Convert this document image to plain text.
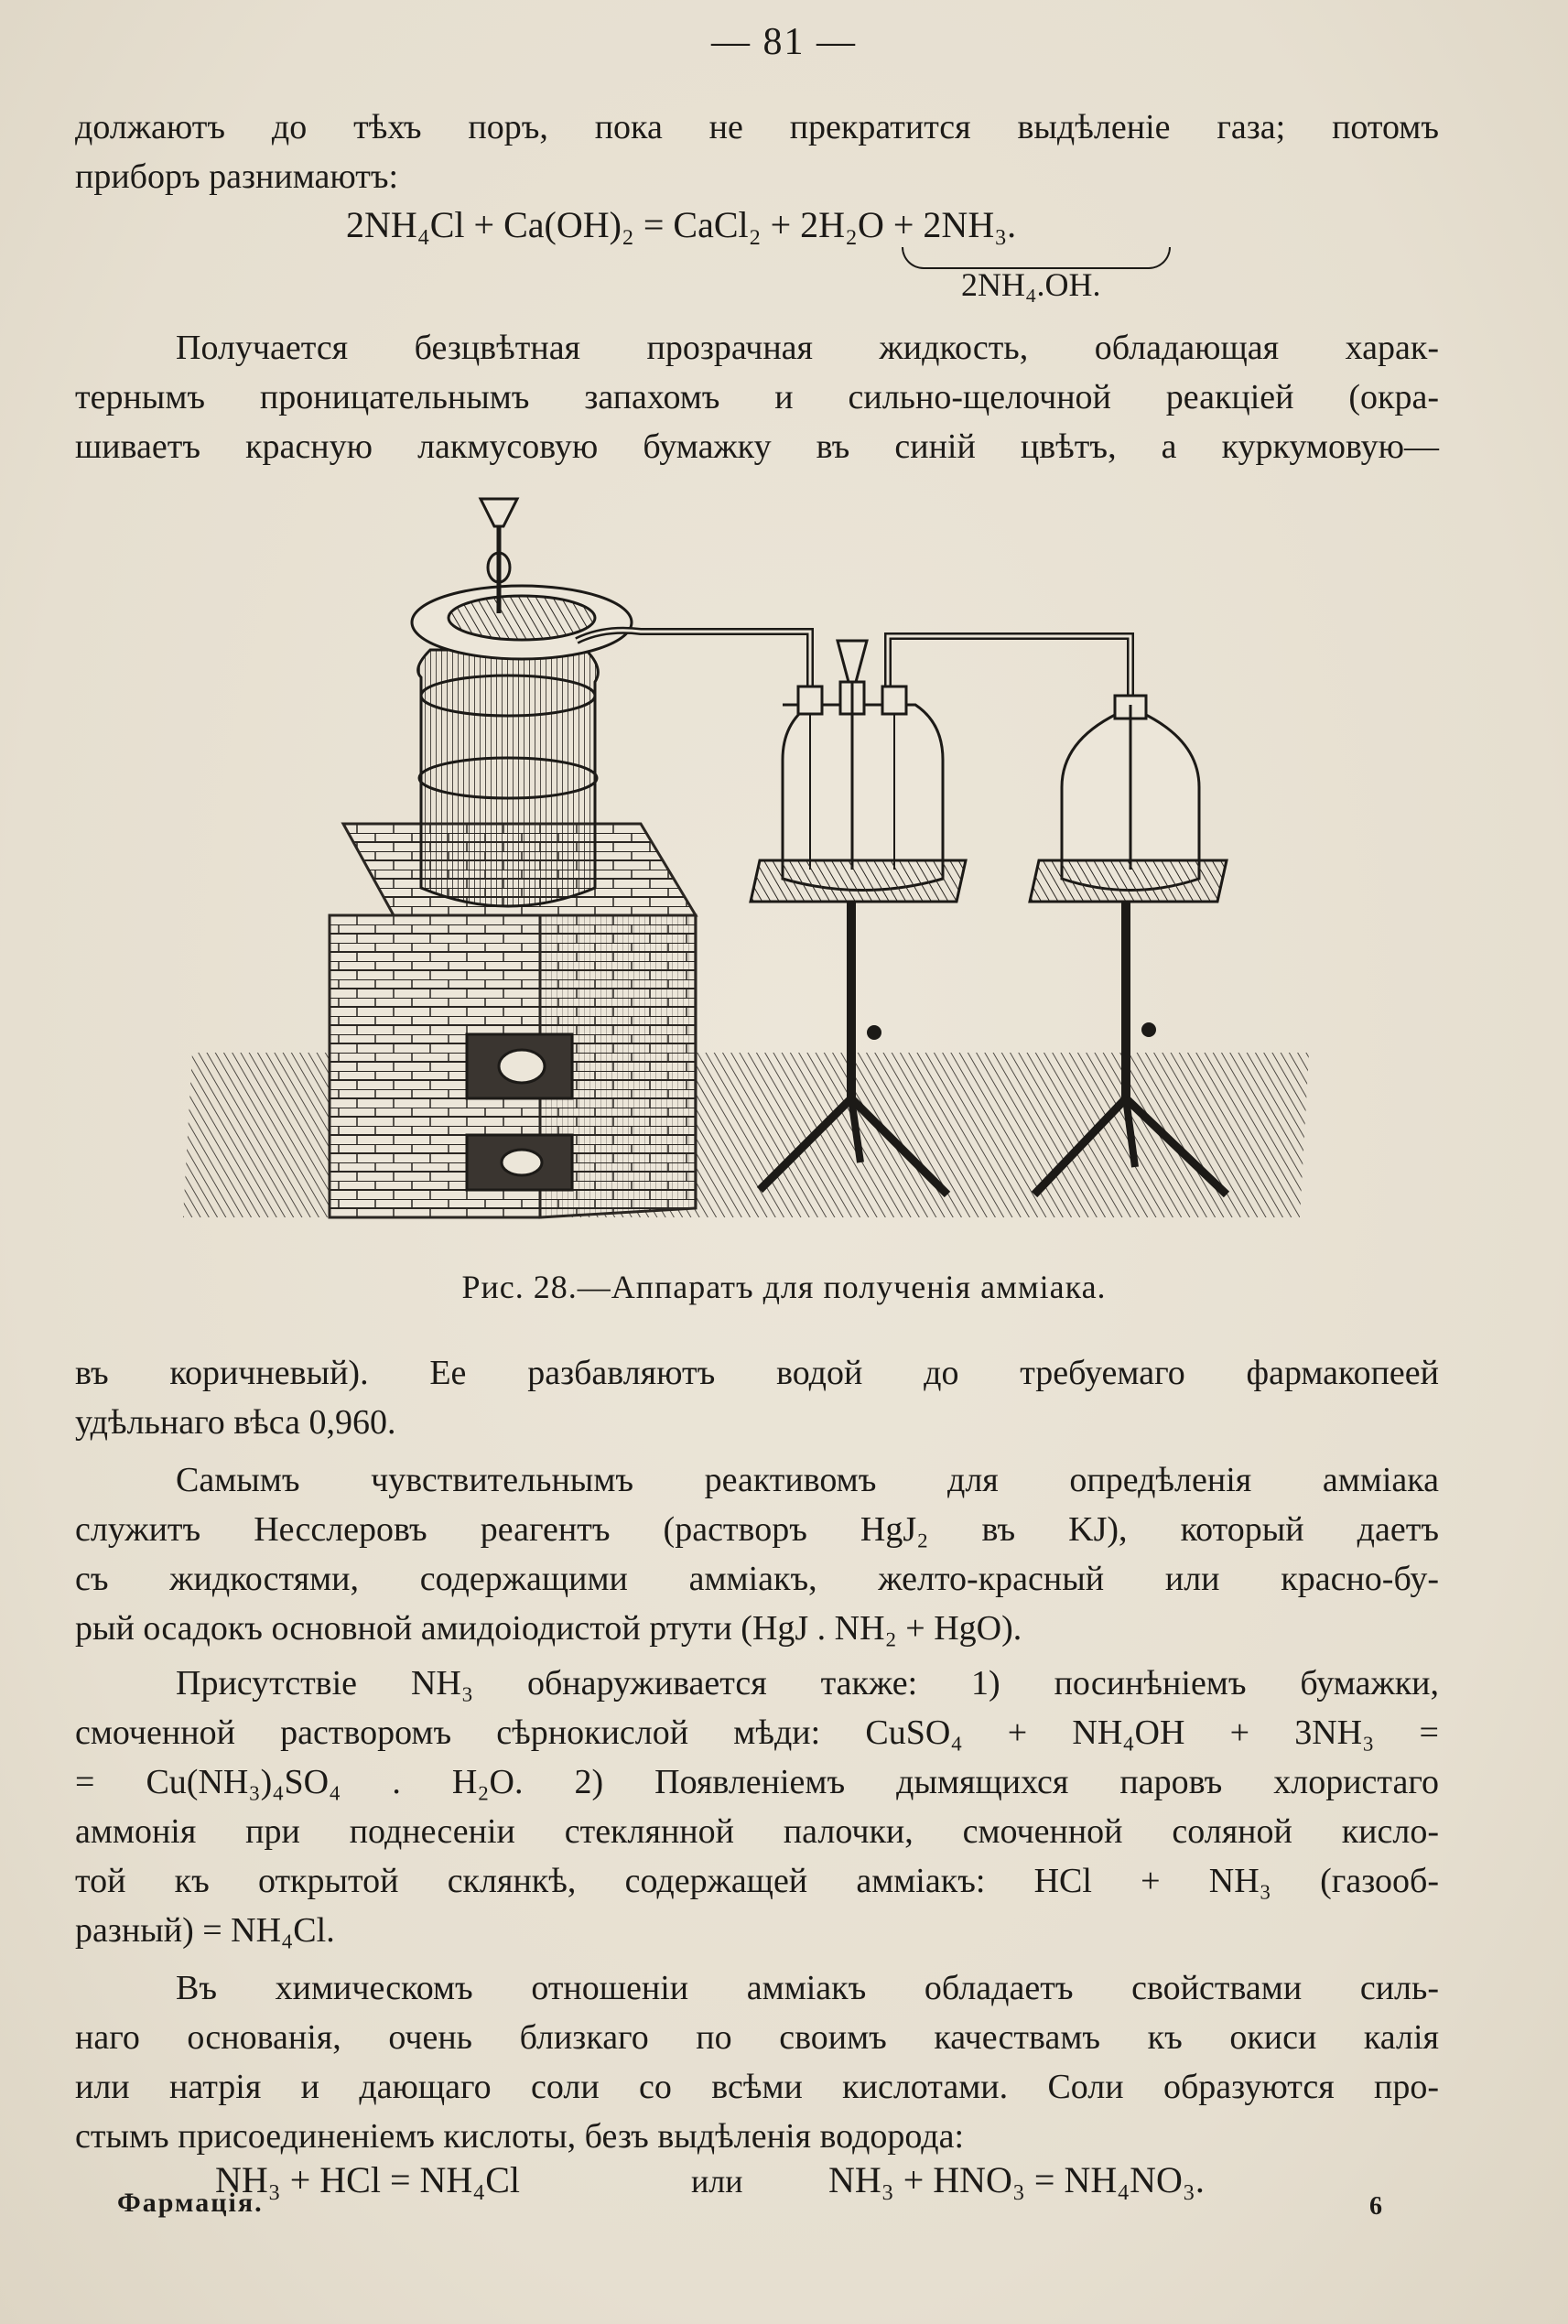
— 81 —
должаютъ до тѣхъ поръ, пока не прекратится выдѣленіе газа; потомъ
приборъ разнимаютъ:
2NH₄Cl + Ca(OH)₂ = CaCl₂ + 2H₂O + 2NH₃.
2NH₄.OH.
Получается безцвѣтная прозрачная жидкость, обладающая харак-
тернымъ проницательнымъ запахомъ и сильно-щелочной реакціей (окра-
шиваетъ красную лакмусовую бумажку въ синій цвѣтъ, а куркумовую—
Рис. 28.—Аппаратъ для полученія амміака.
въ коричневый). Ее разбавляютъ водой до требуемаго фармакопеей
удѣльнаго вѣса 0,960.
Самымъ чувствительнымъ реактивомъ для опредѣленія амміака
служитъ Несслеровъ реагентъ (растворъ HgJ₂ въ KJ), который даетъ
съ жидкостями, содержащими амміакъ, желто-красный или красно-бу-
рый осадокъ основной амидоіодистой ртути (HgJ . NH₂ + HgO).
Присутствіе NH₃ обнаруживается также: 1) посинѣніемъ бумажки,
смоченной растворомъ сѣрнокислой мѣди: CuSO₄ + NH₄OH + 3NH₃ =
= Cu(NH₃)₄SO₄ . H₂O. 2) Появленіемъ дымящихся паровъ хлористаго
аммонія при поднесеніи стеклянной палочки, смоченной соляной кисло-
той къ открытой склянкѣ, содержащей амміакъ: HCl + NH₃ (газооб-
разный) = NH₄Cl.
Въ химическомъ отношеніи амміакъ обладаетъ свойствами силь-
наго основанія, очень близкаго по своимъ качествамъ къ окиси калія
или натрія и дающаго соли со всѣми кислотами. Соли образуются про-
стымъ присоединеніемъ кислоты, безъ выдѣленія водорода:
NH₃ + HCl = NH₄Cl	или NH₃ + HNO₃ = NH₄NO₃.
Фармація.	6
